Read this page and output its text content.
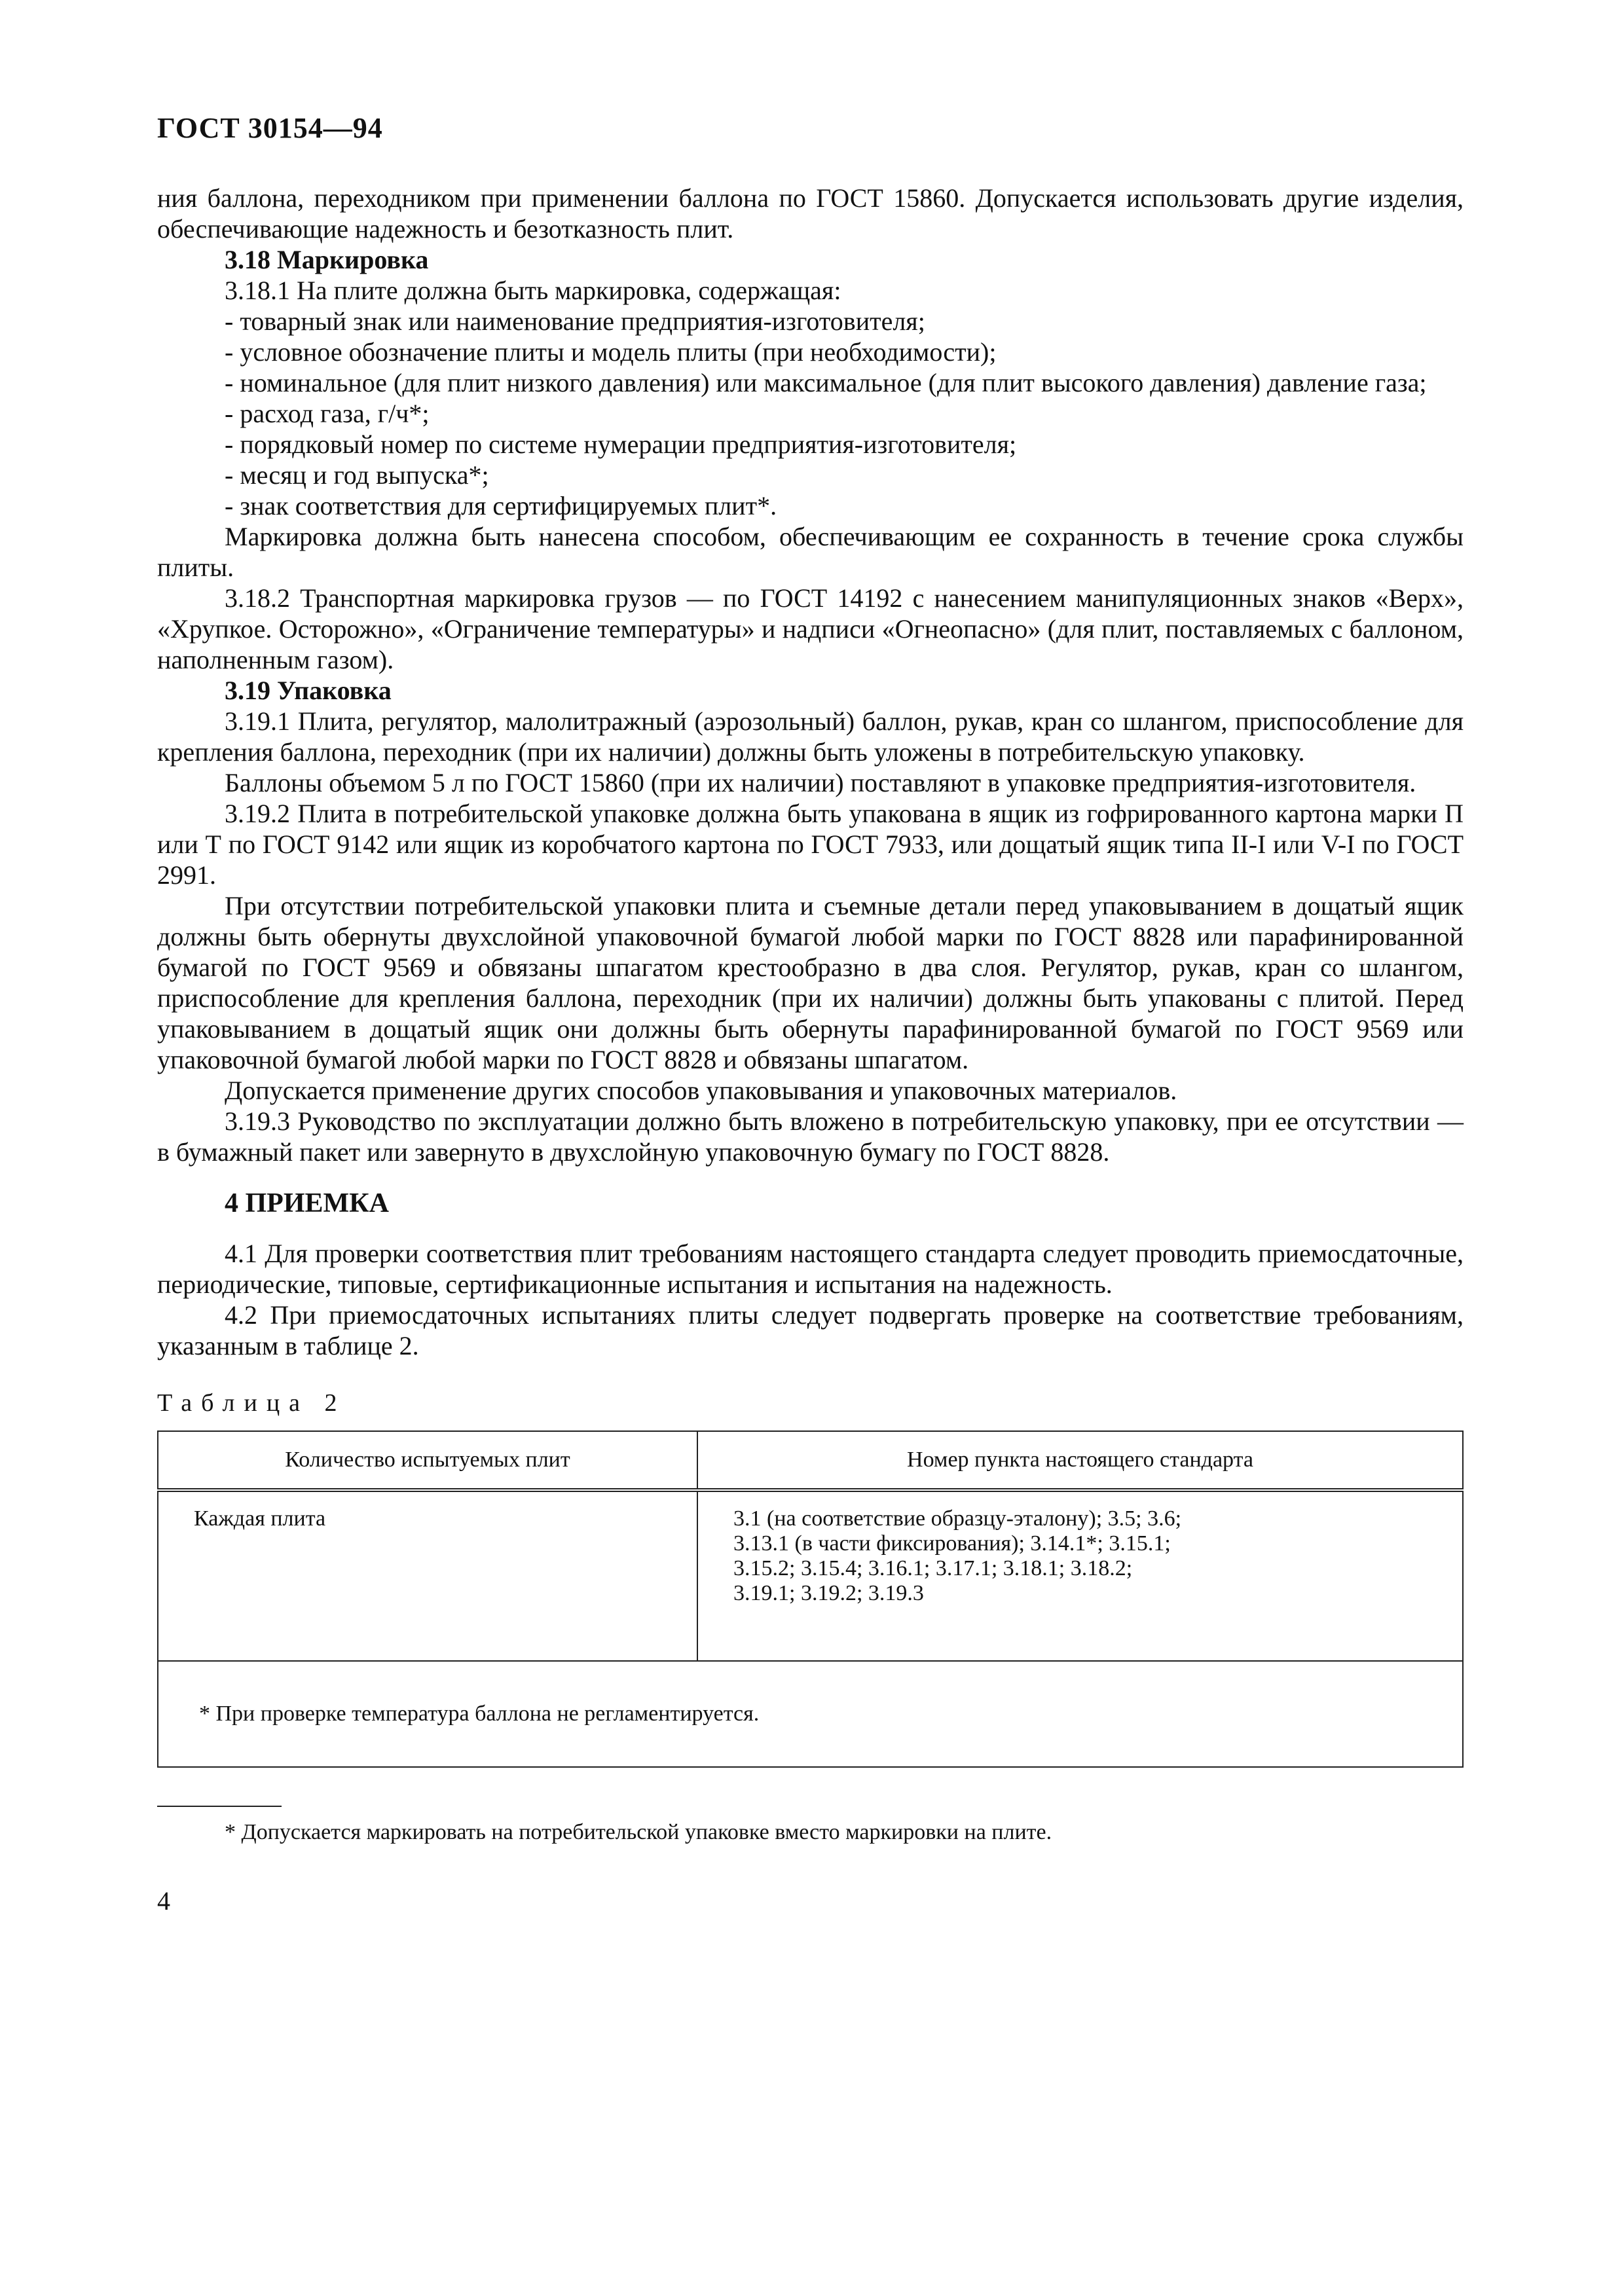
ГОСТ 30154—94

ния баллона, переходником при применении баллона по ГОСТ 15860. Допускается использовать другие изделия, обеспечивающие надежность и безотказность плит.

3.18 Маркировка

3.18.1 На плите должна быть маркировка, содержащая:

- товарный знак или наименование предприятия-изготовителя;

- условное обозначение плиты и модель плиты (при необходимости);

- номинальное (для плит низкого давления) или максимальное (для плит высокого давления) давление газа;

- расход газа, г/ч*;

- порядковый номер по системе нумерации предприятия-изготовителя;

- месяц и год выпуска*;

- знак соответствия для сертифицируемых плит*.

Маркировка должна быть нанесена способом, обеспечивающим ее сохранность в течение срока службы плиты.

3.18.2 Транспортная маркировка грузов — по ГОСТ 14192 с нанесением манипуляционных знаков «Верх», «Хрупкое. Осторожно», «Ограничение температуры» и надписи «Огнеопасно» (для плит, поставляемых с баллоном, наполненным газом).

3.19 Упаковка

3.19.1 Плита, регулятор, малолитражный (аэрозольный) баллон, рукав, кран со шлангом, приспособление для крепления баллона, переходник (при их наличии) должны быть уложены в потребительскую упаковку.

Баллоны объемом 5 л по ГОСТ 15860 (при их наличии) поставляют в упаковке предприятия-изготовителя.

3.19.2 Плита в потребительской упаковке должна быть упакована в ящик из гофрированного картона марки П или Т по ГОСТ 9142 или ящик из коробчатого картона по ГОСТ 7933, или дощатый ящик типа II-I или V-I по ГОСТ 2991.

При отсутствии потребительской упаковки плита и съемные детали перед упаковыванием в дощатый ящик должны быть обернуты двухслойной упаковочной бумагой любой марки по ГОСТ 8828 или парафинированной бумагой по ГОСТ 9569 и обвязаны шпагатом крестообразно в два слоя. Регулятор, рукав, кран со шлангом, приспособление для крепления баллона, переходник (при их наличии) должны быть упакованы с плитой. Перед упаковыванием в дощатый ящик они должны быть обернуты парафинированной бумагой по ГОСТ 9569 или упаковочной бумагой любой марки по ГОСТ 8828 и обвязаны шпагатом.

Допускается применение других способов упаковывания и упаковочных материалов.

3.19.3 Руководство по эксплуатации должно быть вложено в потребительскую упаковку, при ее отсутствии — в бумажный пакет или завернуто в двухслойную упаковочную бумагу по ГОСТ 8828.

4 ПРИЕМКА

4.1 Для проверки соответствия плит требованиям настоящего стандарта следует проводить приемосдаточные, периодические, типовые, сертификационные испытания и испытания на надежность.

4.2 При приемосдаточных испытаниях плиты следует подвергать проверке на соответствие требованиям, указанным в таблице 2.

Таблица 2
Количество испытуемых плит	Номер пункта настоящего стандарта
Каждая плита	3.1 (на соответствие образцу-эталону); 3.5; 3.6;
3.13.1 (в части фиксирования); 3.14.1*; 3.15.1;
3.15.2; 3.15.4; 3.16.1; 3.17.1; 3.18.1; 3.18.2;
3.19.1; 3.19.2; 3.19.3

* При проверке температура баллона не регламентируется.	

* Допускается маркировать на потребительской упаковке вместо маркировки на плите.

4
